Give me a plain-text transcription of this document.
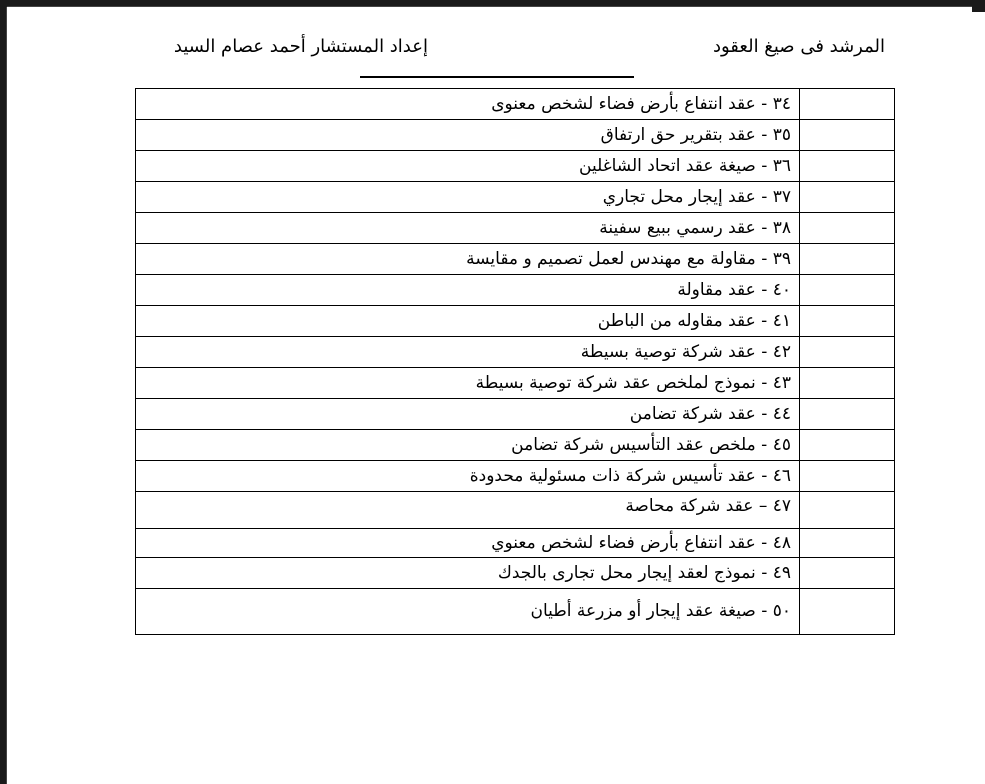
المرشد فى صيغ العقود
إعداد المستشار أحمد عصام السيد
	٣٤ - عقد انتفاع بأرض فضاء لشخص معنوى
	٣٥ - عقد بتقرير حق ارتفاق
	٣٦ - صيغة عقد اتحاد الشاغلين
	٣٧ - عقد إيجار محل تجاري
	٣٨ - عقد رسمي ببيع سفينة
	٣٩ - مقاولة مع مهندس لعمل تصميم و مقايسة
	٤٠ - عقد مقاولة
	٤١ - عقد مقاوله من الباطن
	٤٢ - عقد شركة توصية بسيطة
	٤٣ - نموذج لملخص عقد شركة توصية بسيطة
	٤٤ - عقد شركة تضامن
	٤٥ - ملخص عقد التأسيس شركة تضامن
	٤٦ - عقد تأسيس شركة ذات مسئولية محدودة
	٤٧ – عقد شركة محاصة
	٤٨ - عقد انتفاع بأرض فضاء لشخص معنوي
	٤٩ - نموذج لعقد إيجار محل تجارى بالجدك
	٥٠ - صيغة عقد إيجار أو مزرعة أطيان
